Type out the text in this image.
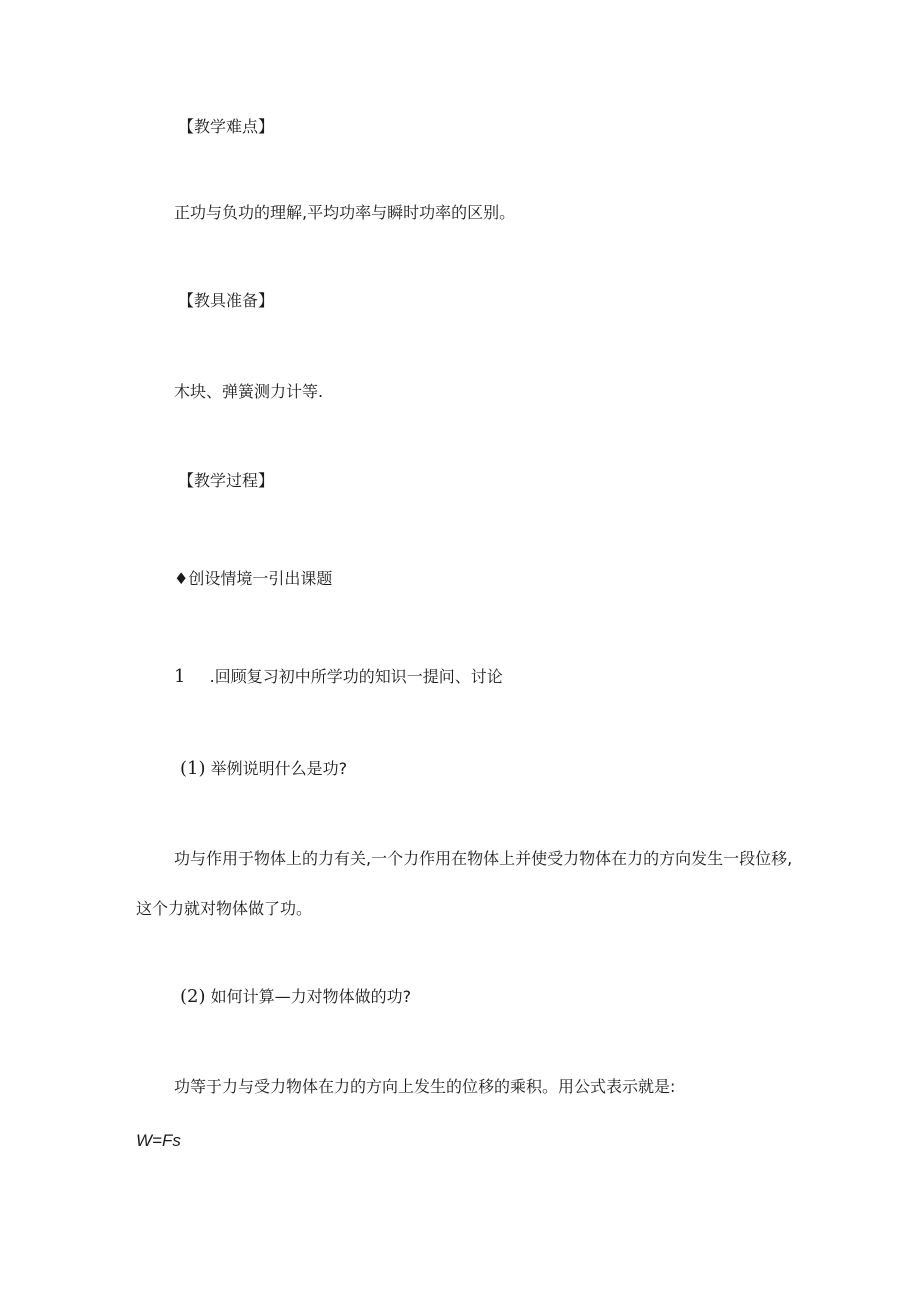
【教学难点】
正功与负功的理解,平均功率与瞬时功率的区别。
【教具准备】
木块、弹簧测力计等.
【教学过程】
♦创设情境一引出课题
1 .回顾复习初中所学功的知识一提问、讨论
(1) 举例说明什么是功?
功与作用于物体上的力有关,一个力作用在物体上并使受力物体在力的方向发生一段位移,
这个力就对物体做了功。
(2) 如何计算—力对物体做的功?
功等于力与受力物体在力的方向上发生的位移的乘积。用公式表示就是:
W=Fs
